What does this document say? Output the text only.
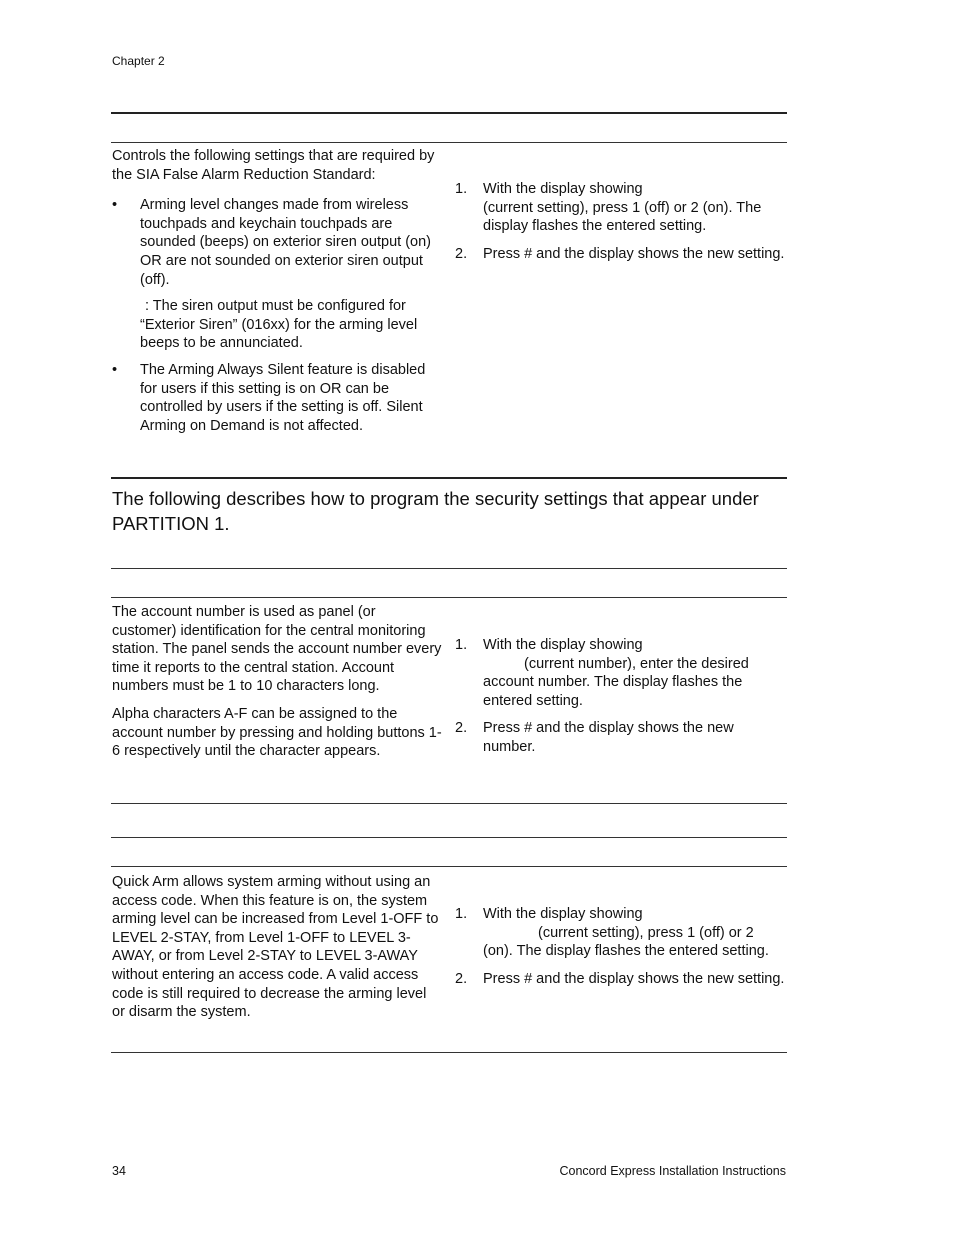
Chapter 2

Controls the following settings that are required by the SIA False Alarm Reduction Standard:

• Arming level changes made from wireless touchpads and keychain touchpads are sounded (beeps) on exterior siren output (on) OR are not sounded on exterior siren output (off).

: The siren output must be configured for “Exterior Siren” (016xx) for the arming level beeps to be annunciated.

• The Arming Always Silent feature is disabled for users if this setting is on OR can be controlled by users if the setting is off. Silent Arming on Demand is not affected.
1. With the display showing
(current setting), press 1 (off) or 2 (on). The display flashes the entered setting.
2. Press # and the display shows the new setting.
The following describes how to program the security settings that appear under PARTITION 1.

The account number is used as panel (or customer) identification for the central monitoring station. The panel sends the account number every time it reports to the central station. Account numbers must be 1 to 10 characters long.

Alpha characters A-F can be assigned to the account number by pressing and holding buttons 1-6 respectively until the character appears.

1. With the display showing
(current number), enter the desired account number. The display flashes the entered setting.
2. Press # and the display shows the new number.

Quick Arm allows system arming without using an access code. When this feature is on, the system arming level can be increased from Level 1-OFF to LEVEL 2-STAY, from Level 1-OFF to LEVEL 3-AWAY, or from Level 2-STAY to LEVEL 3-AWAY without entering an access code. A valid access code is still required to decrease the arming level or disarm the system.

1. With the display showing
(current setting), press 1 (off) or 2 (on). The display flashes the entered setting.
2. Press # and the display shows the new setting.
34	Concord Express Installation Instructions
